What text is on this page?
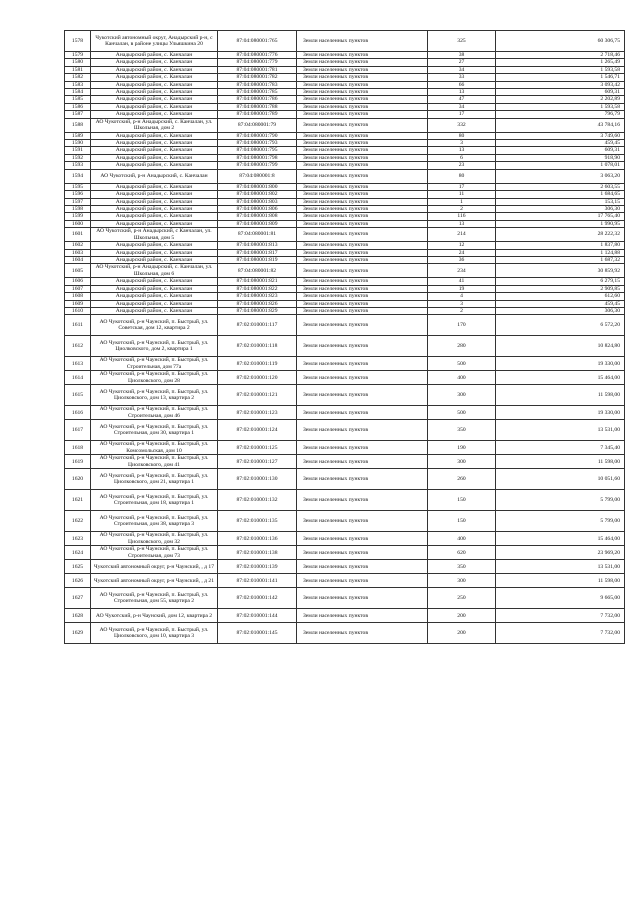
1578	Чукотский автономный округ, Анадырский р-н, с Канчалан, в районе улицы Ульяшкина 20	87:04:080001:765	Земли населенных пунктов	325	60 306,75
1579	Анадырский район, с. Канчалан	87:04:080001:776	Земли населенных пунктов	38	2 718,46
1580	Анадырский район, с. Канчалан	87:04:080001:779	Земли населенных пунктов	27	1 265,49
1581	Анадырский район, с. Канчалан	87:04:080001:781	Земли населенных пунктов	34	1 593,58
1582	Анадырский район, с. Канчалан	87:04:080001:782	Земли населенных пунктов	33	1 546,71
1583	Анадырский район, с. Канчалан	87:04:080001:783	Земли населенных пунктов	66	3 093,42
1584	Анадырский район, с. Канчалан	87:04:080001:785	Земли населенных пунктов	13	609,31
1585	Анадырский район, с. Канчалан	87:04:080001:786	Земли населенных пунктов	47	2 202,89
1586	Анадырский район, с. Канчалан	87:04:080001:788	Земли населенных пунктов	34	1 593,58
1587	Анадырский район, с. Канчалан	87:04:080001:789	Земли населенных пунктов	17	796,79
1588	АО Чукотский, р-н Анадырский, с. Канчалан, ул. Школьная, дом 2	87:04:080001:79	Земли населенных пунктов	332	43 784,16
1589	Анадырский район, с. Канчалан	87:04:080001:790	Земли населенных пунктов	80	3 749,60
1590	Анадырский район, с. Канчалан	87:04:080001:793	Земли населенных пунктов	3	459,45
1591	Анадырский район, с. Канчалан	87:04:080001:795	Земли населенных пунктов	13	609,31
1592	Анадырский район, с. Канчалан	87:04:080001:798	Земли населенных пунктов	6	918,90
1593	Анадырский район, с. Канчалан	87:04:080001:799	Земли населенных пунктов	23	1 078,01
1594	АО Чукотский, р-н Анадырский, с. Канчалан	87:04:080001:8	Земли населенных пунктов	80	3 063,20
1595	Анадырский район, с. Канчалан	87:04:080001:800	Земли населенных пунктов	17	2 603,55
1596	Анадырский район, с. Канчалан	87:04:080001:802	Земли населенных пунктов	11	1 684,65
1597	Анадырский район, с. Канчалан	87:04:080001:803	Земли населенных пунктов	1	153,15
1598	Анадырский район, с. Канчалан	87:04:080001:806	Земли населенных пунктов	2	306,30
1599	Анадырский район, с. Канчалан	87:04:080001:808	Земли населенных пунктов	116	17 765,40
1600	Анадырский район, с. Канчалан	87:04:080001:809	Земли населенных пунктов	13	1 990,95
1601	АО Чукотский, р-н Анадырский, с Канчалан, ул. Школьная, дом 5	87:04:080001:81	Земли населенных пунктов	214	28 222,32
1602	Анадырский район, с. Канчалан	87:04:080001:813	Земли населенных пунктов	12	1 837,80
1603	Анадырский район, с. Канчалан	87:04:080001:817	Земли населенных пунктов	24	1 124,88
1604	Анадырский район, с. Канчалан	87:04:080001:819	Земли населенных пунктов	36	1 687,32
1605	АО Чукотский, р-н Анадырский, с. Канчалан, ул. Школьная, дом 6	87:04:080001:82	Земли населенных пунктов	234	30 859,92
1606	Анадырский район, с. Канчалан	87:04:080001:821	Земли населенных пунктов	41	6 279,15
1607	Анадырский район, с. Канчалан	87:04:080001:822	Земли населенных пунктов	19	2 909,85
1608	Анадырский район, с. Канчалан	87:04:080001:823	Земли населенных пунктов	4	612,60
1609	Анадырский район, с. Канчалан	87:04:080001:826	Земли населенных пунктов	3	459,45
1610	Анадырский район, с. Канчалан	87:04:080001:829	Земли населенных пунктов	2	306,30
1611	АО Чукотский, р-н Чаунский, п. Быстрый, ул. Советская, дом 12, квартира 2	87:02:010001:117	Земли населенных пунктов	170	6 572,20
1612	АО Чукотский, р-н Чаунский, п. Быстрый, ул. Циолковского, дом 2, квартира 1	87:02:010001:118	Земли населенных пунктов	280	10 824,80
1613	АО Чукотский, р-н Чаунский, п. Быстрый, ул. Строительная, дом 77а	87:02:010001:119	Земли населенных пунктов	500	19 330,00
1614	АО Чукотский, р-н Чаунский, п. Быстрый, ул. Циолковского, дом 28	87:02:010001:120	Земли населенных пунктов	400	15 464,00
1615	АО Чукотский, р-н Чаунский, п. Быстрый, ул. Циолковского, дом 13, квартира 2	87:02:010001:121	Земли населенных пунктов	300	11 598,00
1616	АО Чукотский, р-н Чаунский, п. Быстрый, ул. Строительная, дом 46	87:02:010001:123	Земли населенных пунктов	500	19 330,00
1617	АО Чукотский, р-н Чаунский, п. Быстрый, ул. Строительная, дом 30, квартира 1	87:02:010001:124	Земли населенных пунктов	350	13 531,00
1618	АО Чукотский, р-н Чаунский, п. Быстрый, ул. Комсомольская, дом 10	87:02:010001:125	Земли населенных пунктов	190	7 345,40
1619	АО Чукотский, р-н Чаунский, п. Быстрый, ул. Циолковского, дом 41	87:02:010001:127	Земли населенных пунктов	300	11 598,00
1620	АО Чукотский, р-н Чаунский, п. Быстрый, ул. Циолковского, дом 21, квартира 1	87:02:010001:130	Земли населенных пунктов	260	10 051,60
1621	АО Чукотский, р-н Чаунский, п. Быстрый, ул. Строительная, дом 18, квартира 1	87:02:010001:132	Земли населенных пунктов	150	5 799,00
1622	АО Чукотский, р-н Чаунский, п. Быстрый, ул. Строительная, дом 38, квартира 3	87:02:010001:135	Земли населенных пунктов	150	5 799,00
1623	АО Чукотский, р-н Чаунский, п. Быстрый, ул. Циолковского, дом 32	87:02:010001:136	Земли населенных пунктов	400	15 464,00
1624	АО Чукотский, р-н Чаунский, п. Быстрый, ул. Строительная, дом 73	87:02:010001:138	Земли населенных пунктов	620	23 969,20
1625	Чукотский автономный округ, р-н Чаунский, , д 17	87:02:010001:139	Земли населенных пунктов	350	13 531,00
1626	Чукотский автономный округ, р-н Чаунский, , д 21	87:02:010001:141	Земли населенных пунктов	300	11 598,00
1627	АО Чукотский, р-н Чаунский, п. Быстрый, ул. Строительная, дом 55, квартира 2	87:02:010001:142	Земли населенных пунктов	250	9 665,00
1628	АО Чукотский, р-н Чаунский, дом 12, квартира 2	87:02:010001:144	Земли населенных пунктов	200	7 732,00
1629	АО Чукотский, р-н Чаунский, п. Быстрый, ул. Циолковского, дом 10, квартира 3	87:02:010001:145	Земли населенных пунктов	200	7 732,00
